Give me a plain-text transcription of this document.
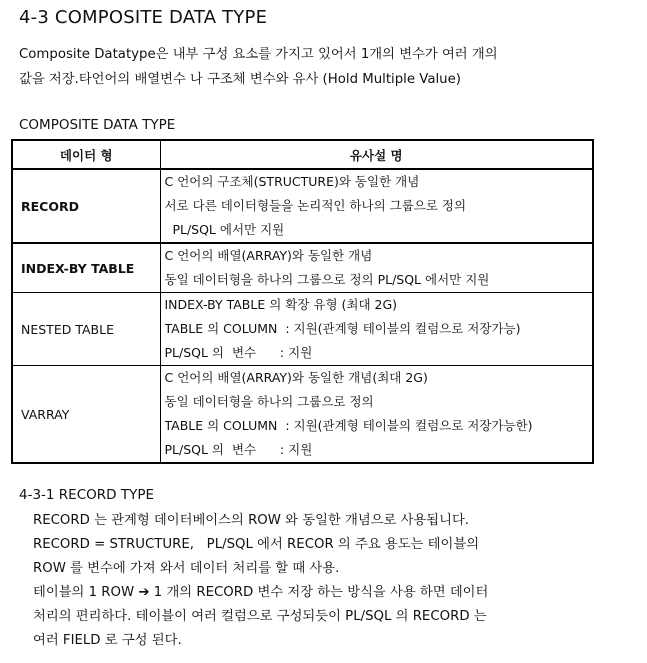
4-3 COMPOSITE DATA TYPE
Composite Datatype은 내부 구성 요소를 가지고 있어서 1개의 변수가 여러 개의
값을 저장.타언어의 배열변수 나 구조체 변수와 유사 (Hold Multiple Value)
COMPOSITE DATA TYPE
데이터 형	유사설 명
RECORD	C 언어의 구조체(STRUCTURE)와 동일한 개념
서로 다른 데이터형들을 논리적인 하나의 그룹으로 정의
PL/SQL 에서만 지원

INDEX-BY TABLE	C 언어의 배열(ARRAY)와 동일한 개념
동일 데이터형을 하나의 그룹으로 정의 PL/SQL 에서만 지원

NESTED TABLE	INDEX-BY TABLE 의 확장 유형 (최대 2G)
TABLE 의 COLUMN  : 지원(관계형 테이블의 컬럼으로 저장가능)
PL/SQL 의  변수      : 지원

VARRAY	C 언어의 배열(ARRAY)와 동일한 개념(최대 2G)
동일 데이터형을 하나의 그룹으로 정의
TABLE 의 COLUMN  : 지원(관계형 테이블의 컬럼으로 저장가능한)
PL/SQL 의  변수      : 지원
4-3-1 RECORD TYPE
RECORD 는 관계형 데이터베이스의 ROW 와 동일한 개념으로 사용됩니다.
RECORD = STRUCTURE,   PL/SQL 에서 RECOR 의 주요 용도는 테이블의
ROW 를 변수에 가져 와서 데이터 처리를 할 때 사용.
테이블의 1 ROW ➔ 1 개의 RECORD 변수 저장 하는 방식을 사용 하면 데이터
처리의 편리하다. 테이블이 여러 컬럼으로 구성되듯이 PL/SQL 의 RECORD 는
여러 FIELD 로 구성 된다.
